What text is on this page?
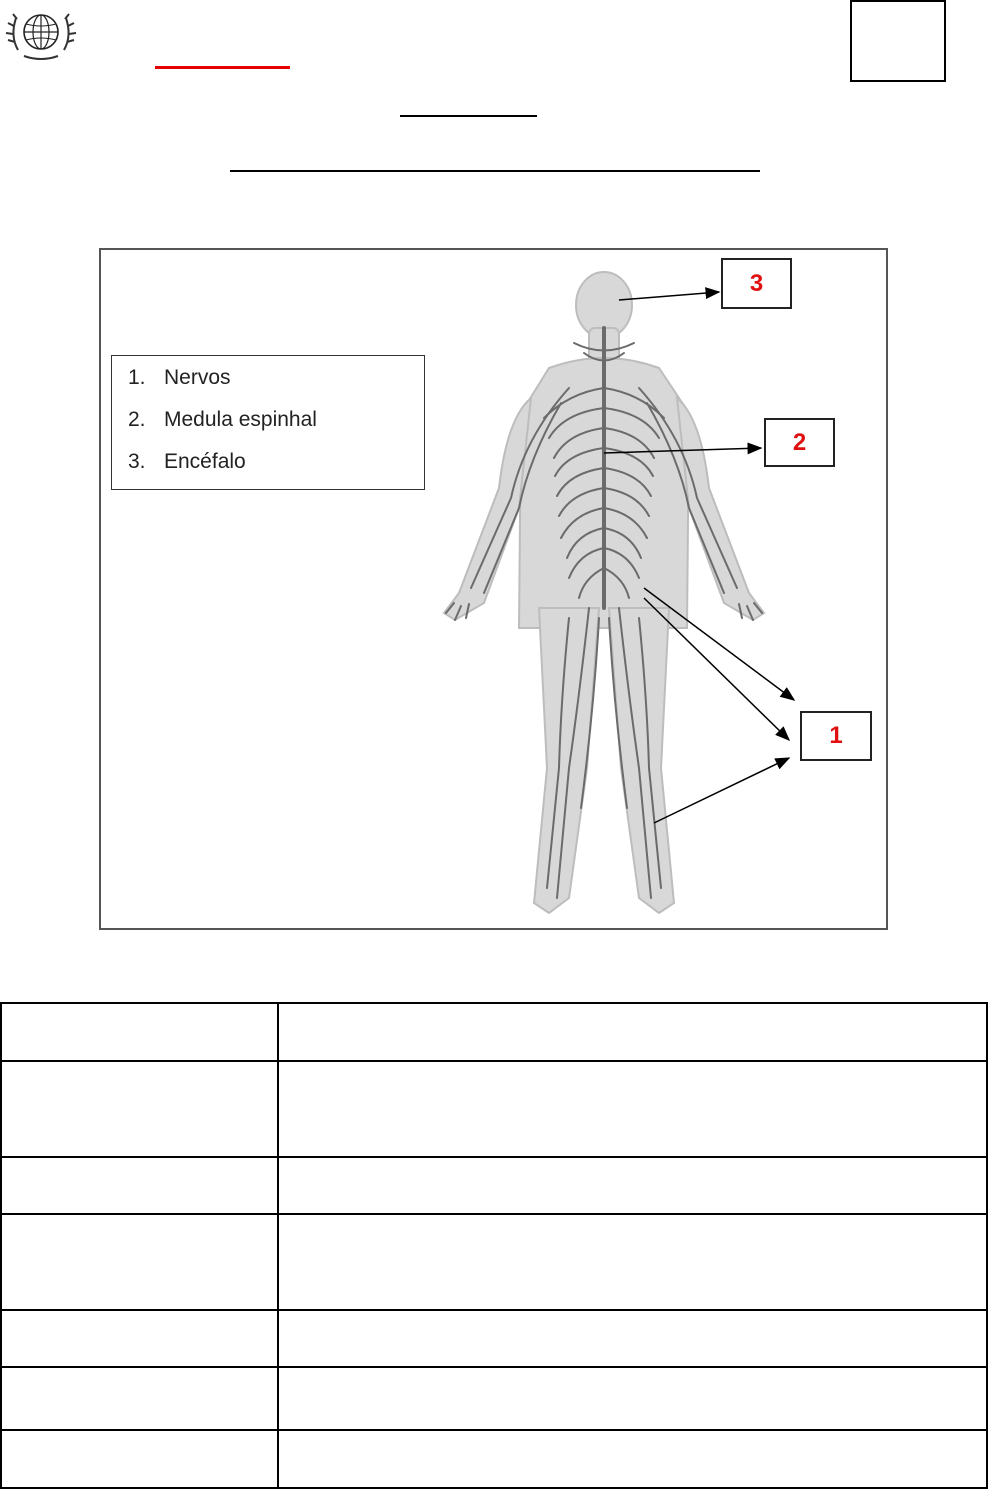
1. Nervos
2. Medula espinhal
3. Encéfalo
3
2
1
